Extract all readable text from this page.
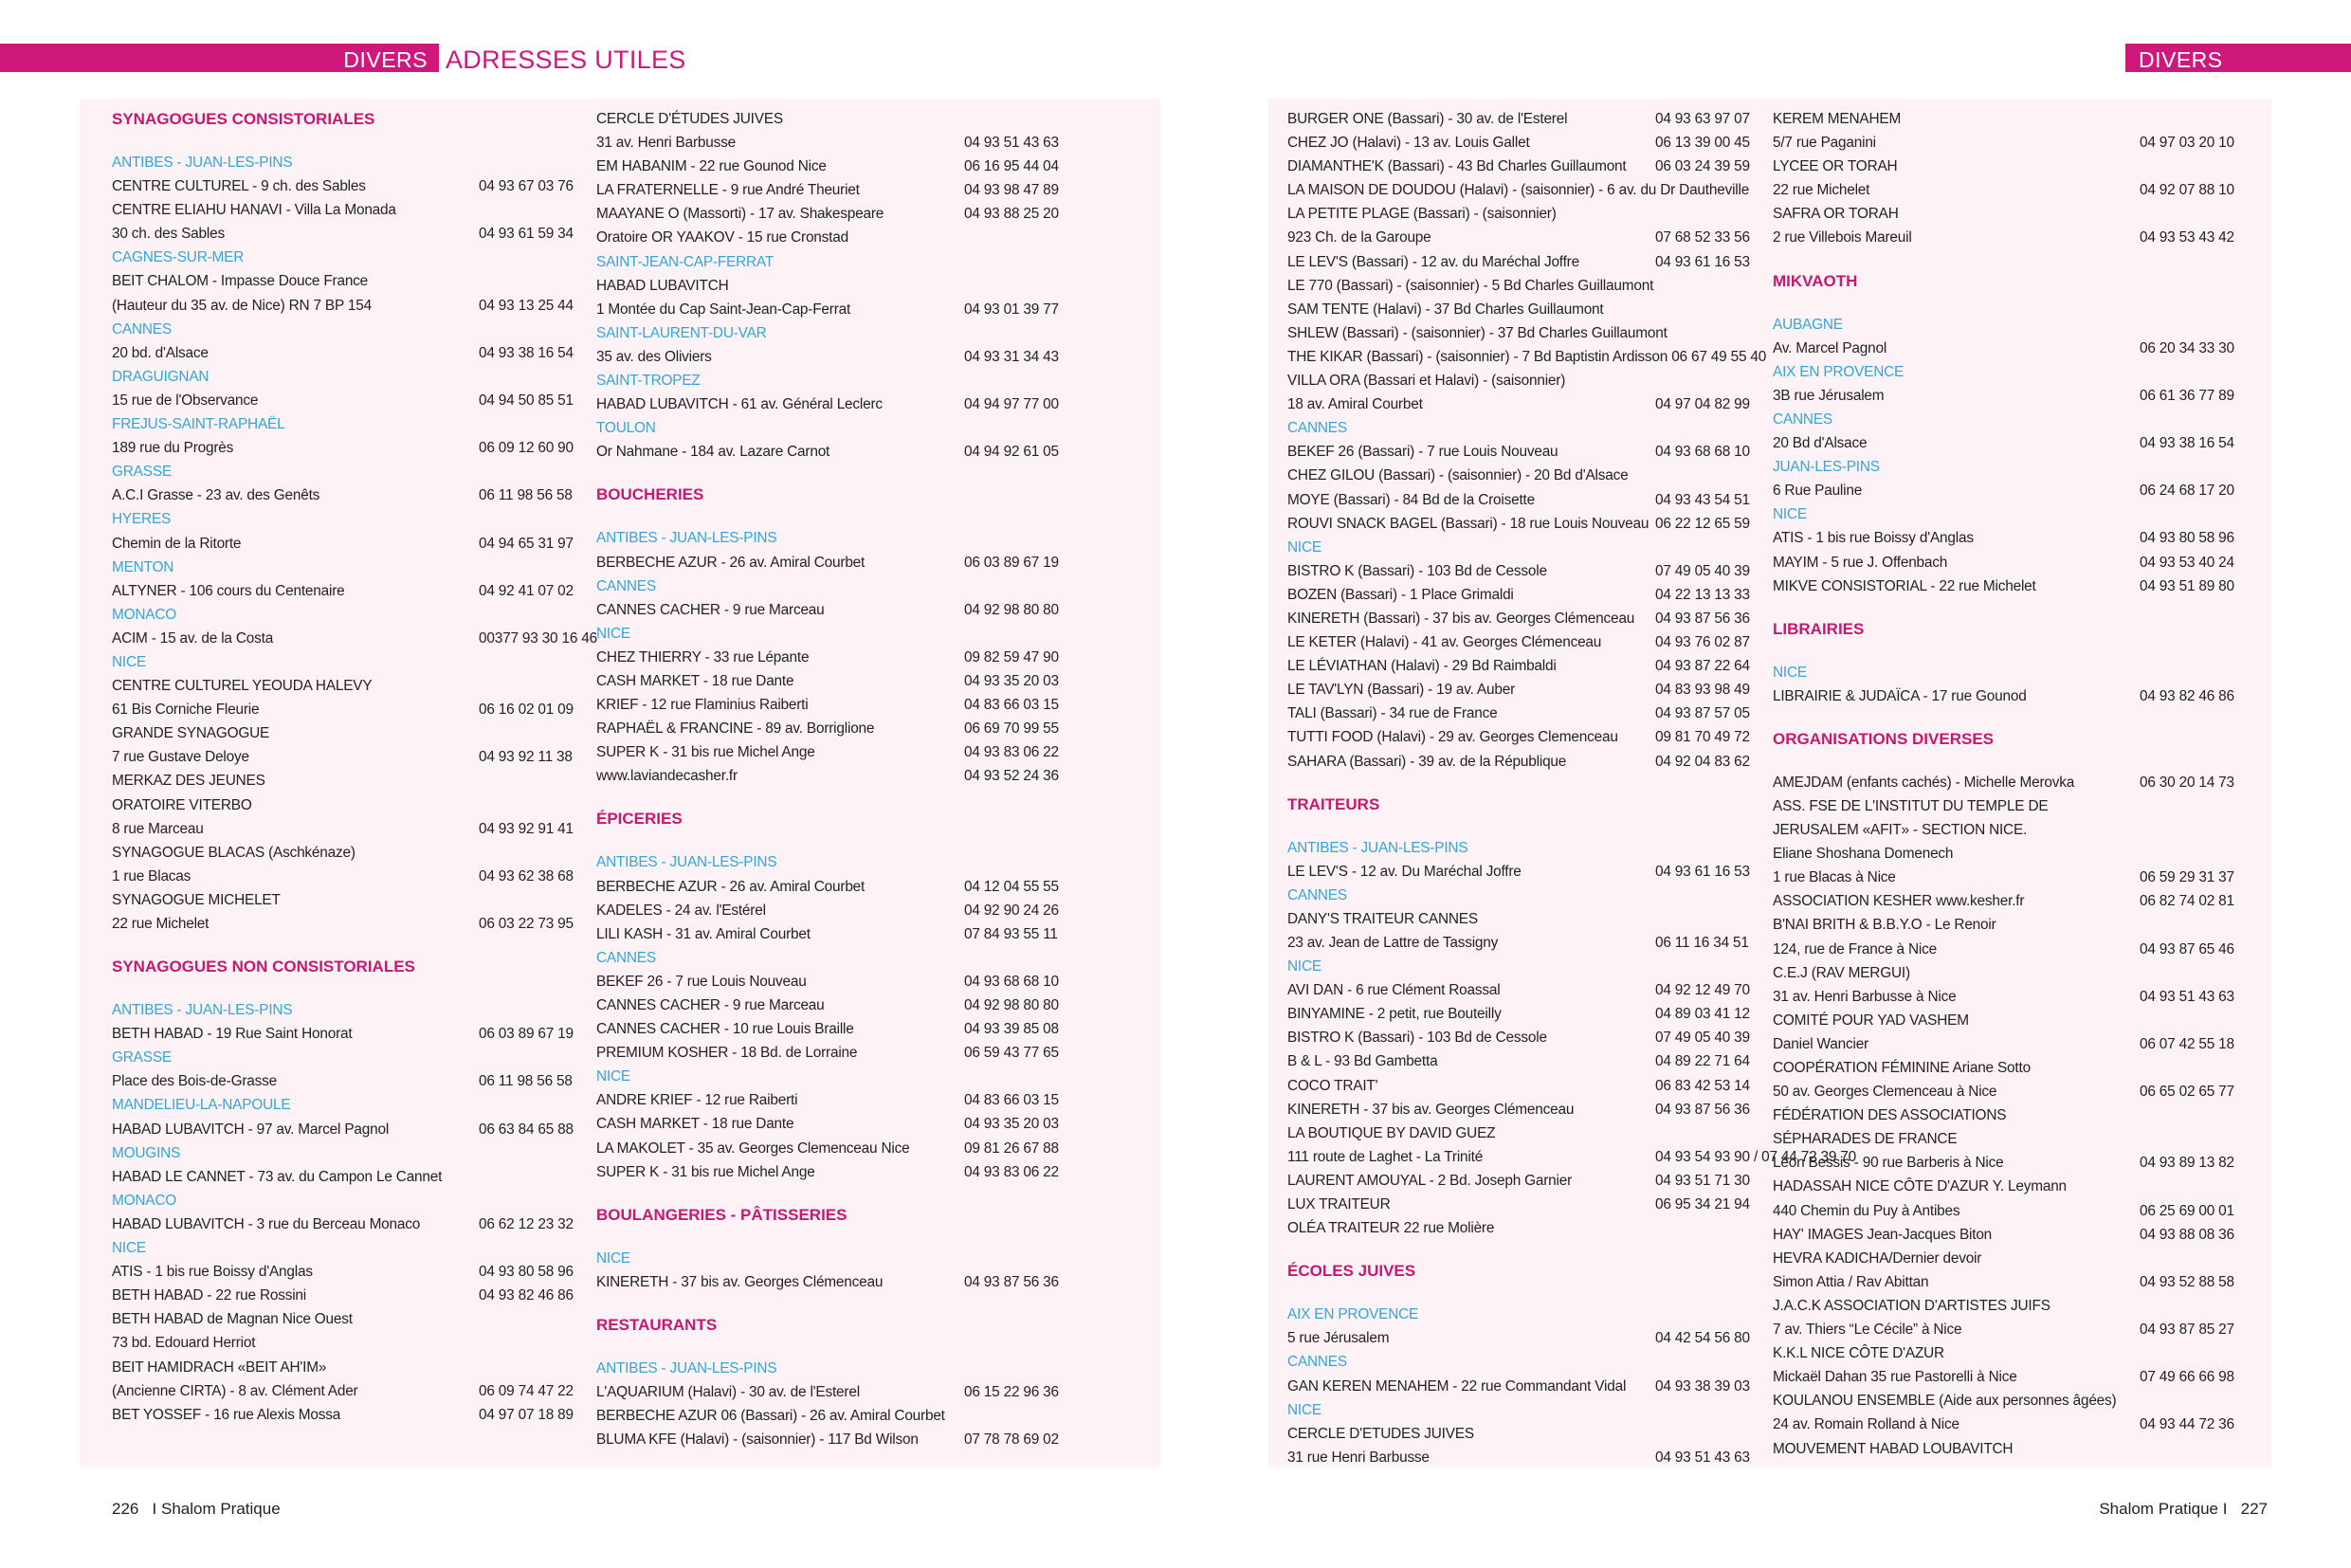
DIVERS ADRESSES UTILES	DIVERS
SYNAGOGUES CONSISTORIALES
ANTIBES - JUAN-LES-PINS
CENTRE CULTUREL - 9 ch. des Sables	04 93 67 03 76
CENTRE ELIAHU HANAVI - Villa La Monada
30 ch. des Sables	04 93 61 59 34
CAGNES-SUR-MER
BEIT CHALOM - Impasse Douce France
(Hauteur du 35 av. de Nice) RN 7 BP 154	04 93 13 25 44
CANNES
20 bd. d'Alsace	04 93 38 16 54
DRAGUIGNAN
15 rue de l'Observance	04 94 50 85 51
FREJUS-SAINT-RAPHAËL
189 rue du Progrès	06 09 12 60 90
GRASSE
A.C.I Grasse - 23 av. des Genêts	06 11 98 56 58
HYERES
Chemin de la Ritorte	04 94 65 31 97
MENTON
ALTYNER - 106 cours du Centenaire	04 92 41 07 02
MONACO
ACIM - 15 av. de la Costa	00377 93 30 16 46
NICE
CENTRE CULTUREL YEOUDA HALEVY
61 Bis Corniche Fleurie	06 16 02 01 09
GRANDE SYNAGOGUE
7 rue Gustave Deloye	04 93 92 11 38
MERKAZ DES JEUNES
ORATOIRE VITERBO
8 rue Marceau	04 93 92 91 41
SYNAGOGUE BLACAS (Aschkénaze)
1 rue Blacas	04 93 62 38 68
SYNAGOGUE MICHELET
22 rue Michelet	06 03 22 73 95
SYNAGOGUES NON CONSISTORIALES
ANTIBES - JUAN-LES-PINS
BETH HABAD - 19 Rue Saint Honorat	06 03 89 67 19
GRASSE
Place des Bois-de-Grasse	06 11 98 56 58
MANDELIEU-LA-NAPOULE
HABAD LUBAVITCH - 97 av. Marcel Pagnol	06 63 84 65 88
MOUGINS
HABAD LE CANNET - 73 av. du Campon Le Cannet
MONACO
HABAD LUBAVITCH - 3 rue du Berceau Monaco	06 62 12 23 32
NICE
ATIS - 1 bis rue Boissy d'Anglas	04 93 80 58 96
BETH HABAD - 22 rue Rossini	04 93 82 46 86
BETH HABAD de Magnan Nice Ouest
73 bd. Edouard Herriot
BEIT HAMIDRACH «BEIT AH'IM»
(Ancienne CIRTA) - 8 av. Clément Ader	06 09 74 47 22
BET YOSSEF - 16 rue Alexis Mossa	04 97 07 18 89
CERCLE D'ÉTUDES JUIVES
31 av. Henri Barbusse	04 93 51 43 63
EM HABANIM - 22 rue Gounod Nice	06 16 95 44 04
LA FRATERNELLE - 9 rue André Theuriet	04 93 98 47 89
MAAYANE O (Massorti) - 17 av. Shakespeare	04 93 88 25 20
Oratoire OR YAAKOV - 15 rue Cronstad
SAINT-JEAN-CAP-FERRAT
HABAD LUBAVITCH
1 Montée du Cap Saint-Jean-Cap-Ferrat	04 93 01 39 77
SAINT-LAURENT-DU-VAR
35 av. des Oliviers	04 93 31 34 43
SAINT-TROPEZ
HABAD LUBAVITCH - 61 av. Général Leclerc	04 94 97 77 00
TOULON
Or Nahmane - 184 av. Lazare Carnot	04 94 92 61 05
BOUCHERIES
ANTIBES - JUAN-LES-PINS
BERBECHE AZUR - 26 av. Amiral Courbet	06 03 89 67 19
CANNES
CANNES CACHER - 9 rue Marceau	04 92 98 80 80
NICE
CHEZ THIERRY - 33 rue Lépante	09 82 59 47 90
CASH MARKET - 18 rue Dante	04 93 35 20 03
KRIEF - 12 rue Flaminius Raiberti	04 83 66 03 15
RAPHAËL & FRANCINE - 89 av. Borriglione	06 69 70 99 55
SUPER K - 31 bis rue Michel Ange	04 93 83 06 22
www.laviandecasher.fr	04 93 52 24 36
ÉPICERIES
ANTIBES - JUAN-LES-PINS
BERBECHE AZUR - 26 av. Amiral Courbet	04 12 04 55 55
KADELES - 24 av. l'Estérel	04 92 90 24 26
LILI KASH - 31 av. Amiral Courbet	07 84 93 55 11
CANNES
BEKEF 26 - 7 rue Louis Nouveau	04 93 68 68 10
CANNES CACHER - 9 rue Marceau	04 92 98 80 80
CANNES CACHER - 10 rue Louis Braille	04 93 39 85 08
PREMIUM KOSHER - 18 Bd. de Lorraine	06 59 43 77 65
NICE
ANDRE KRIEF - 12 rue Raiberti	04 83 66 03 15
CASH MARKET - 18 rue Dante	04 93 35 20 03
LA MAKOLET - 35 av. Georges Clemenceau Nice	09 81 26 67 88
SUPER K - 31 bis rue Michel Ange	04 93 83 06 22
BOULANGERIES - PÂTISSERIES
NICE
KINERETH - 37 bis av. Georges Clémenceau	04 93 87 56 36
RESTAURANTS
ANTIBES - JUAN-LES-PINS
L'AQUARIUM (Halavi) - 30 av. de l'Esterel	06 15 22 96 36
BERBECHE AZUR 06 (Bassari) - 26 av. Amiral Courbet
BLUMA KFE (Halavi) - (saisonnier) - 117 Bd Wilson	07 78 78 69 02
BURGER ONE (Bassari) - 30 av. de l'Esterel	04 93 63 97 07
CHEZ JO (Halavi) - 13 av. Louis Gallet	06 13 39 00 45
DIAMANTHE'K (Bassari) - 43 Bd Charles Guillaumont 06 03 24 39 59
LA MAISON DE DOUDOU (Halavi) - (saisonnier) - 6 av. du Dr Dautheville
LA PETITE PLAGE (Bassari) - (saisonnier)
923 Ch. de la Garoupe	07 68 52 33 56
LE LEV'S (Bassari) - 12 av. du Maréchal Joffre	04 93 61 16 53
LE 770 (Bassari) - (saisonnier) - 5 Bd Charles Guillaumont
SAM TENTE (Halavi) - 37 Bd Charles Guillaumont
SHLEW (Bassari) - (saisonnier) - 37 Bd Charles Guillaumont
THE KIKAR (Bassari) - (saisonnier) - 7 Bd Baptistin Ardisson 06 67 49 55 40
VILLA ORA (Bassari et Halavi) - (saisonnier)
18 av. Amiral Courbet	04 97 04 82 99
CANNES
BEKEF 26 (Bassari) - 7 rue Louis Nouveau	04 93 68 68 10
CHEZ GILOU (Bassari) - (saisonnier) - 20 Bd d'Alsace
MOYE (Bassari) - 84 Bd de la Croisette	04 93 43 54 51
ROUVI SNACK BAGEL (Bassari) - 18 rue Louis Nouveau 06 22 12 65 59
NICE
BISTRO K (Bassari) - 103 Bd de Cessole	07 49 05 40 39
BOZEN (Bassari) - 1 Place Grimaldi	04 22 13 13 33
KINERETH (Bassari) - 37 bis av. Georges Clémenceau 04 93 87 56 36
LE KETER (Halavi) - 41 av. Georges Clémenceau	04 93 76 02 87
LE LÉVIATHAN (Halavi) - 29 Bd Raimbaldi	04 93 87 22 64
LE TAV'LYN (Bassari) - 19 av. Auber	04 83 93 98 49
TALI (Bassari) - 34 rue de France	04 93 87 57 05
TUTTI FOOD (Halavi) - 29 av. Georges Clemenceau	09 81 70 49 72
SAHARA (Bassari) - 39 av. de la République	04 92 04 83 62
TRAITEURS
ANTIBES - JUAN-LES-PINS
LE LEV'S - 12 av. Du Maréchal Joffre	04 93 61 16 53
CANNES
DANY'S TRAITEUR CANNES
23 av. Jean de Lattre de Tassigny	06 11 16 34 51
NICE
AVI DAN - 6 rue Clément Roassal	04 92 12 49 70
BINYAMINE - 2 petit, rue Bouteilly	04 89 03 41 12
BISTRO K (Bassari) - 103 Bd de Cessole	07 49 05 40 39
B & L - 93 Bd Gambetta	04 89 22 71 64
COCO TRAIT'	06 83 42 53 14
KINERETH - 37 bis av. Georges Clémenceau	04 93 87 56 36
LA BOUTIQUE BY DAVID GUEZ
111 route de Laghet - La Trinité	04 93 54 93 90 / 07 44 72 39 70
LAURENT AMOUYAL - 2 Bd. Joseph Garnier	04 93 51 71 30
LUX TRAITEUR	06 95 34 21 94
OLÉA TRAITEUR 22 rue Molière
ÉCOLES JUIVES
AIX EN PROVENCE
5 rue Jérusalem	04 42 54 56 80
CANNES
GAN KEREN MENAHEM - 22 rue Commandant Vidal 04 93 38 39 03
NICE
CERCLE D'ETUDES JUIVES
31 rue Henri Barbusse	04 93 51 43 63
KEREM MENAHEM
5/7 rue Paganini	04 97 03 20 10
LYCEE OR TORAH
22 rue Michelet	04 92 07 88 10
SAFRA OR TORAH
2 rue Villebois Mareuil	04 93 53 43 42
MIKVAOTH
AUBAGNE
Av. Marcel Pagnol	06 20 34 33 30
AIX EN PROVENCE
3B rue Jérusalem	06 61 36 77 89
CANNES
20 Bd d'Alsace	04 93 38 16 54
JUAN-LES-PINS
6 Rue Pauline	06 24 68 17 20
NICE
ATIS - 1 bis rue Boissy d'Anglas	04 93 80 58 96
MAYIM - 5 rue J. Offenbach	04 93 53 40 24
MIKVE CONSISTORIAL - 22 rue Michelet	04 93 51 89 80
LIBRAIRIES
NICE
LIBRAIRIE & JUDAÏCA - 17 rue Gounod	04 93 82 46 86
ORGANISATIONS DIVERSES
AMEJDAM (enfants cachés) - Michelle Merovka	06 30 20 14 73
ASS. FSE DE L'INSTITUT DU TEMPLE DE
JERUSALEM «AFIT» - SECTION NICE.
Eliane Shoshana Domenech
1 rue Blacas à Nice	06 59 29 31 37
ASSOCIATION KESHER www.kesher.fr	06 82 74 02 81
B'NAI BRITH & B.B.Y.O - Le Renoir
124, rue de France à Nice	04 93 87 65 46
C.E.J (RAV MERGUI)
31 av. Henri Barbusse à Nice	04 93 51 43 63
COMITÉ POUR YAD VASHEM
Daniel Wancier	06 07 42 55 18
COOPÉRATION FÉMININE Ariane Sotto
50 av. Georges Clemenceau à Nice	06 65 02 65 77
FÉDÉRATION DES ASSOCIATIONS
SÉPHARADES DE FRANCE
Léon Bessis - 90 rue Barberis à Nice	04 93 89 13 82
HADASSAH NICE CÔTE D'AZUR Y. Leymann
440 Chemin du Puy à Antibes	06 25 69 00 01
HAY' IMAGES Jean-Jacques Biton	04 93 88 08 36
HEVRA KADICHA/Dernier devoir
Simon Attia / Rav Abittan	04 93 52 88 58
J.A.C.K ASSOCIATION D'ARTISTES JUIFS
7 av. Thiers “Le Cécile” à Nice	04 93 87 85 27
K.K.L NICE CÔTE D'AZUR
Mickaël Dahan 35 rue Pastorelli à Nice	07 49 66 66 98
KOULANOU ENSEMBLE (Aide aux personnes âgées)
24 av. Romain Rolland à Nice	04 93 44 72 36
MOUVEMENT HABAD LOUBAVITCH
226   I Shalom Pratique	Shalom Pratique I   227
